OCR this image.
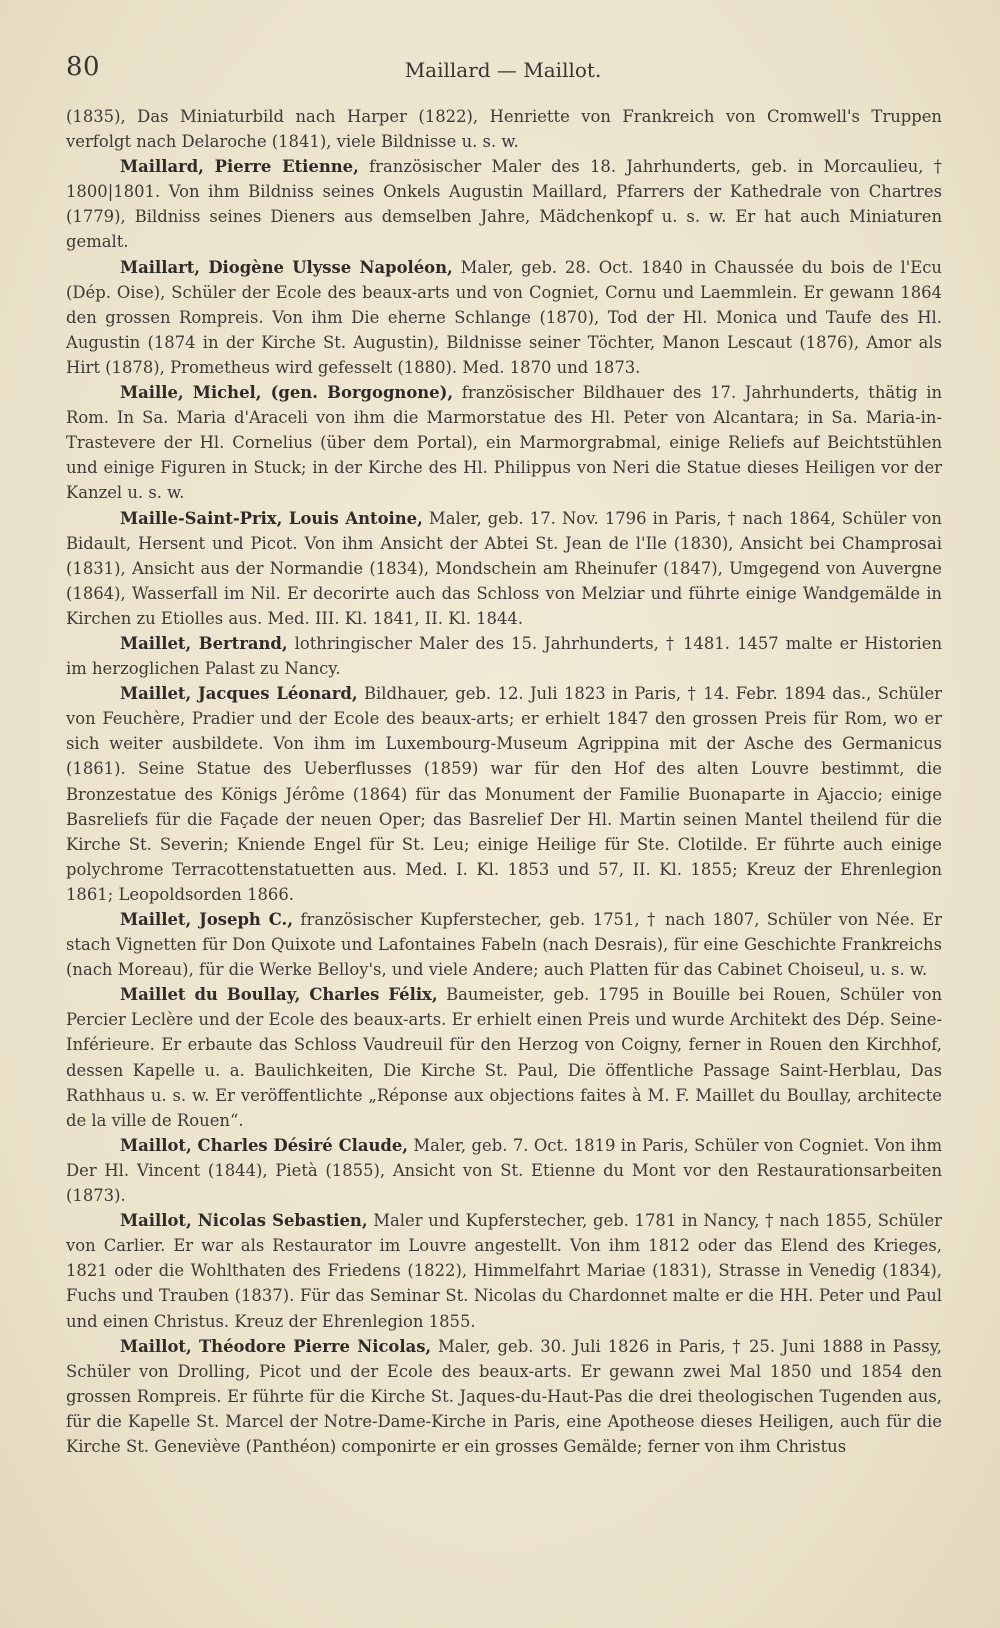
80	Maillard — Maillot.

(1835), Das Miniaturbild nach Harper (1822), Henriette von Frankreich von Cromwell's Truppen verfolgt nach Delaroche (1841), viele Bildnisse u. s. w.

Maillard, Pierre Etienne, französischer Maler des 18. Jahrhunderts, geb. in Morcaulieu, † 1800|1801. Von ihm Bildniss seines Onkels Augustin Maillard, Pfarrers der Kathedrale von Chartres (1779), Bildniss seines Dieners aus demselben Jahre, Mädchenkopf u. s. w. Er hat auch Miniaturen gemalt.

Maillart, Diogène Ulysse Napoléon, Maler, geb. 28. Oct. 1840 in Chaussée du bois de l'Ecu (Dép. Oise), Schüler der Ecole des beaux-arts und von Cogniet, Cornu und Laemmlein. Er gewann 1864 den grossen Rompreis. Von ihm Die eherne Schlange (1870), Tod der Hl. Monica und Taufe des Hl. Augustin (1874 in der Kirche St. Augustin), Bildnisse seiner Töchter, Manon Lescaut (1876), Amor als Hirt (1878), Prometheus wird gefesselt (1880). Med. 1870 und 1873.

Maille, Michel, (gen. Borgognone), französischer Bildhauer des 17. Jahrhunderts, thätig in Rom. In Sa. Maria d'Araceli von ihm die Marmorstatue des Hl. Peter von Alcantara; in Sa. Maria-in-Trastevere der Hl. Cornelius (über dem Portal), ein Marmorgrabmal, einige Reliefs auf Beichtstühlen und einige Figuren in Stuck; in der Kirche des Hl. Philippus von Neri die Statue dieses Heiligen vor der Kanzel u. s. w.

Maille-Saint-Prix, Louis Antoine, Maler, geb. 17. Nov. 1796 in Paris, † nach 1864, Schüler von Bidault, Hersent und Picot. Von ihm Ansicht der Abtei St. Jean de l'Ile (1830), Ansicht bei Champrosai (1831), Ansicht aus der Normandie (1834), Mondschein am Rheinufer (1847), Umgegend von Auvergne (1864), Wasserfall im Nil. Er decorirte auch das Schloss von Melziar und führte einige Wandgemälde in Kirchen zu Etiolles aus. Med. III. Kl. 1841, II. Kl. 1844.

Maillet, Bertrand, lothringischer Maler des 15. Jahrhunderts, † 1481. 1457 malte er Historien im herzoglichen Palast zu Nancy.

Maillet, Jacques Léonard, Bildhauer, geb. 12. Juli 1823 in Paris, † 14. Febr. 1894 das., Schüler von Feuchère, Pradier und der Ecole des beaux-arts; er erhielt 1847 den grossen Preis für Rom, wo er sich weiter ausbildete. Von ihm im Luxembourg-Museum Agrippina mit der Asche des Germanicus (1861). Seine Statue des Ueberflusses (1859) war für den Hof des alten Louvre bestimmt, die Bronzestatue des Königs Jérôme (1864) für das Monument der Familie Buonaparte in Ajaccio; einige Basreliefs für die Façade der neuen Oper; das Basrelief Der Hl. Martin seinen Mantel theilend für die Kirche St. Severin; Kniende Engel für St. Leu; einige Heilige für Ste. Clotilde. Er führte auch einige polychrome Terracottenstatuetten aus. Med. I. Kl. 1853 und 57, II. Kl. 1855; Kreuz der Ehrenlegion 1861; Leopoldsorden 1866.

Maillet, Joseph C., französischer Kupferstecher, geb. 1751, † nach 1807, Schüler von Née. Er stach Vignetten für Don Quixote und Lafontaines Fabeln (nach Desrais), für eine Geschichte Frankreichs (nach Moreau), für die Werke Belloy's, und viele Andere; auch Platten für das Cabinet Choiseul, u. s. w.

Maillet du Boullay, Charles Félix, Baumeister, geb. 1795 in Bouille bei Rouen, Schüler von Percier Leclère und der Ecole des beaux-arts. Er erhielt einen Preis und wurde Architekt des Dép. Seine-Inférieure. Er erbaute das Schloss Vaudreuil für den Herzog von Coigny, ferner in Rouen den Kirchhof, dessen Kapelle u. a. Baulichkeiten, Die Kirche St. Paul, Die öffentliche Passage Saint-Herblau, Das Rathhaus u. s. w. Er veröffentlichte „Réponse aux objections faites à M. F. Maillet du Boullay, architecte de la ville de Rouen“.

Maillot, Charles Désiré Claude, Maler, geb. 7. Oct. 1819 in Paris, Schüler von Cogniet. Von ihm Der Hl. Vincent (1844), Pietà (1855), Ansicht von St. Etienne du Mont vor den Restaurationsarbeiten (1873).

Maillot, Nicolas Sebastien, Maler und Kupferstecher, geb. 1781 in Nancy, † nach 1855, Schüler von Carlier. Er war als Restaurator im Louvre angestellt. Von ihm 1812 oder das Elend des Krieges, 1821 oder die Wohlthaten des Friedens (1822), Himmelfahrt Mariae (1831), Strasse in Venedig (1834), Fuchs und Trauben (1837). Für das Seminar St. Nicolas du Chardonnet malte er die HH. Peter und Paul und einen Christus. Kreuz der Ehrenlegion 1855.

Maillot, Théodore Pierre Nicolas, Maler, geb. 30. Juli 1826 in Paris, † 25. Juni 1888 in Passy, Schüler von Drolling, Picot und der Ecole des beaux-arts. Er gewann zwei Mal 1850 und 1854 den grossen Rompreis. Er führte für die Kirche St. Jaques-du-Haut-Pas die drei theologischen Tugenden aus, für die Kapelle St. Marcel der Notre-Dame-Kirche in Paris, eine Apotheose dieses Heiligen, auch für die Kirche St. Geneviève (Panthéon) componirte er ein grosses Gemälde; ferner von ihm Christus
